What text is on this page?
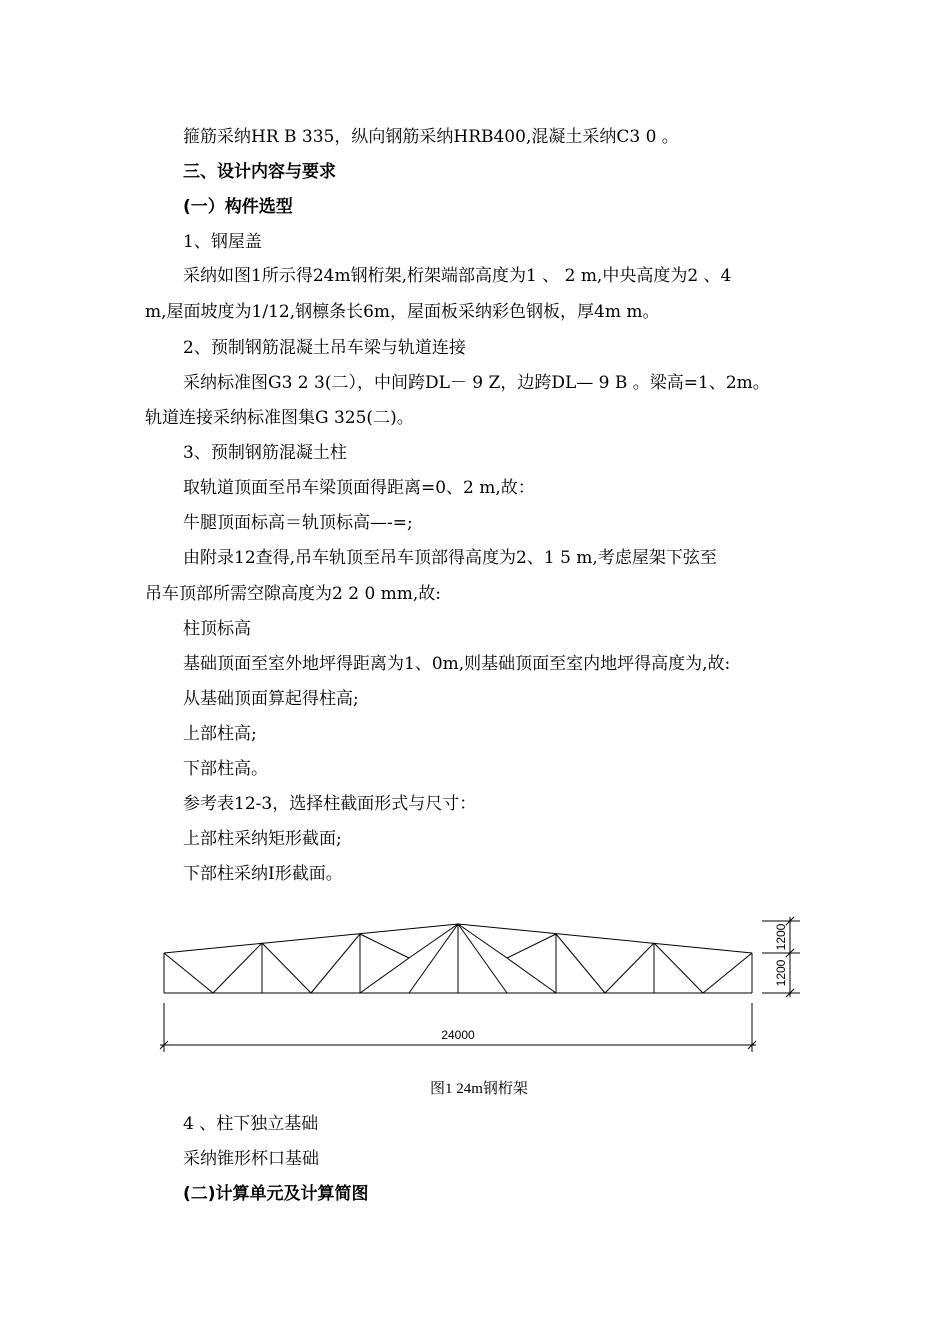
箍筋采纳HR B 335，纵向钢筋采纳HRB400,混凝土采纳C3 0 。
三、设计内容与要求
(一）构件选型
1、钢屋盖
采纳如图1所示得24m钢桁架,桁架端部高度为1 、 2 m,中央高度为2 、4
m,屋面坡度为1/12,钢檩条长6m，屋面板采纳彩色钢板，厚4m m。
2、预制钢筋混凝土吊车梁与轨道连接
采纳标准图G3 2 3(二），中间跨DL－ 9 Z，边跨DL— 9 B 。梁高=1、2m。
轨道连接采纳标准图集G 325(二)。
3、预制钢筋混凝土柱
取轨道顶面至吊车梁顶面得距离=0、2 m,故：
牛腿顶面标高＝轨顶标高—-=;
由附录12查得,吊车轨顶至吊车顶部得高度为2、1 5 m,考虑屋架下弦至
吊车顶部所需空隙高度为2 2 0 mm,故:
柱顶标高
基础顶面至室外地坪得距离为1、0m,则基础顶面至室内地坪得高度为,故:
从基础顶面算起得柱高;
上部柱高;
下部柱高。
参考表12-3，选择柱截面形式与尺寸：
上部柱采纳矩形截面;
下部柱采纳I形截面。
24000
1200
1200
图1 24m钢桁架
4 、柱下独立基础
采纳锥形杯口基础
(二)计算单元及计算简图
